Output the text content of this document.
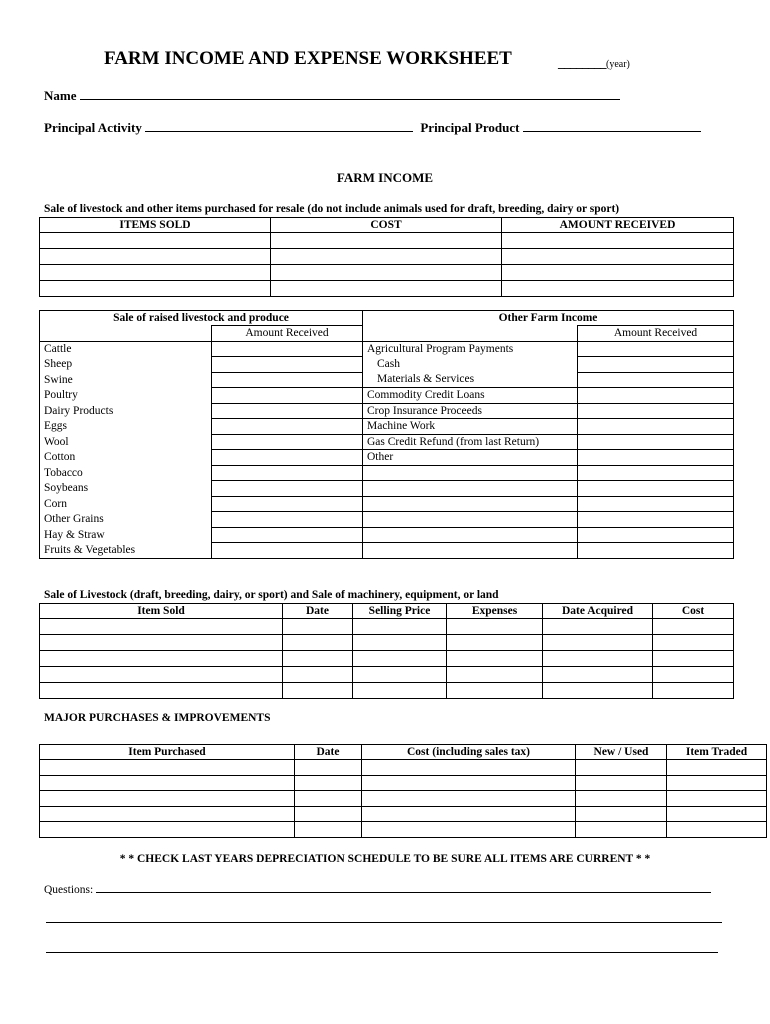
FARM INCOME AND EXPENSE WORKSHEET	________(year)
Name
Principal Activity	Principal Product
FARM INCOME
Sale of livestock and other items purchased for resale (do not include animals used for draft, breeding, dairy or sport)
ITEMS SOLD	COST	AMOUNT RECEIVED

Sale of raised livestock and produce		Other Farm Income	
	Amount Received		Amount Received
Cattle		Agricultural Program Payments	
Sheep		Cash	
Swine		Materials & Services	
Poultry		Commodity Credit Loans	
Dairy Products		Crop Insurance Proceeds	
Eggs		Machine Work	
Wool		Gas Credit Refund (from last Return)	
Cotton		Other	
Tobacco			
Soybeans			
Corn			
Other Grains			
Hay & Straw			
Fruits & Vegetables			
Sale of Livestock (draft, breeding, dairy, or sport) and Sale of machinery, equipment, or land
Item Sold	Date	Selling Price	Expenses	Date Acquired	Cost

MAJOR PURCHASES & IMPROVEMENTS
Item Purchased	Date	Cost (including sales tax)	New / Used	Item Traded

* * CHECK LAST YEARS DEPRECIATION SCHEDULE TO BE SURE ALL ITEMS ARE CURRENT * *
Questions:
